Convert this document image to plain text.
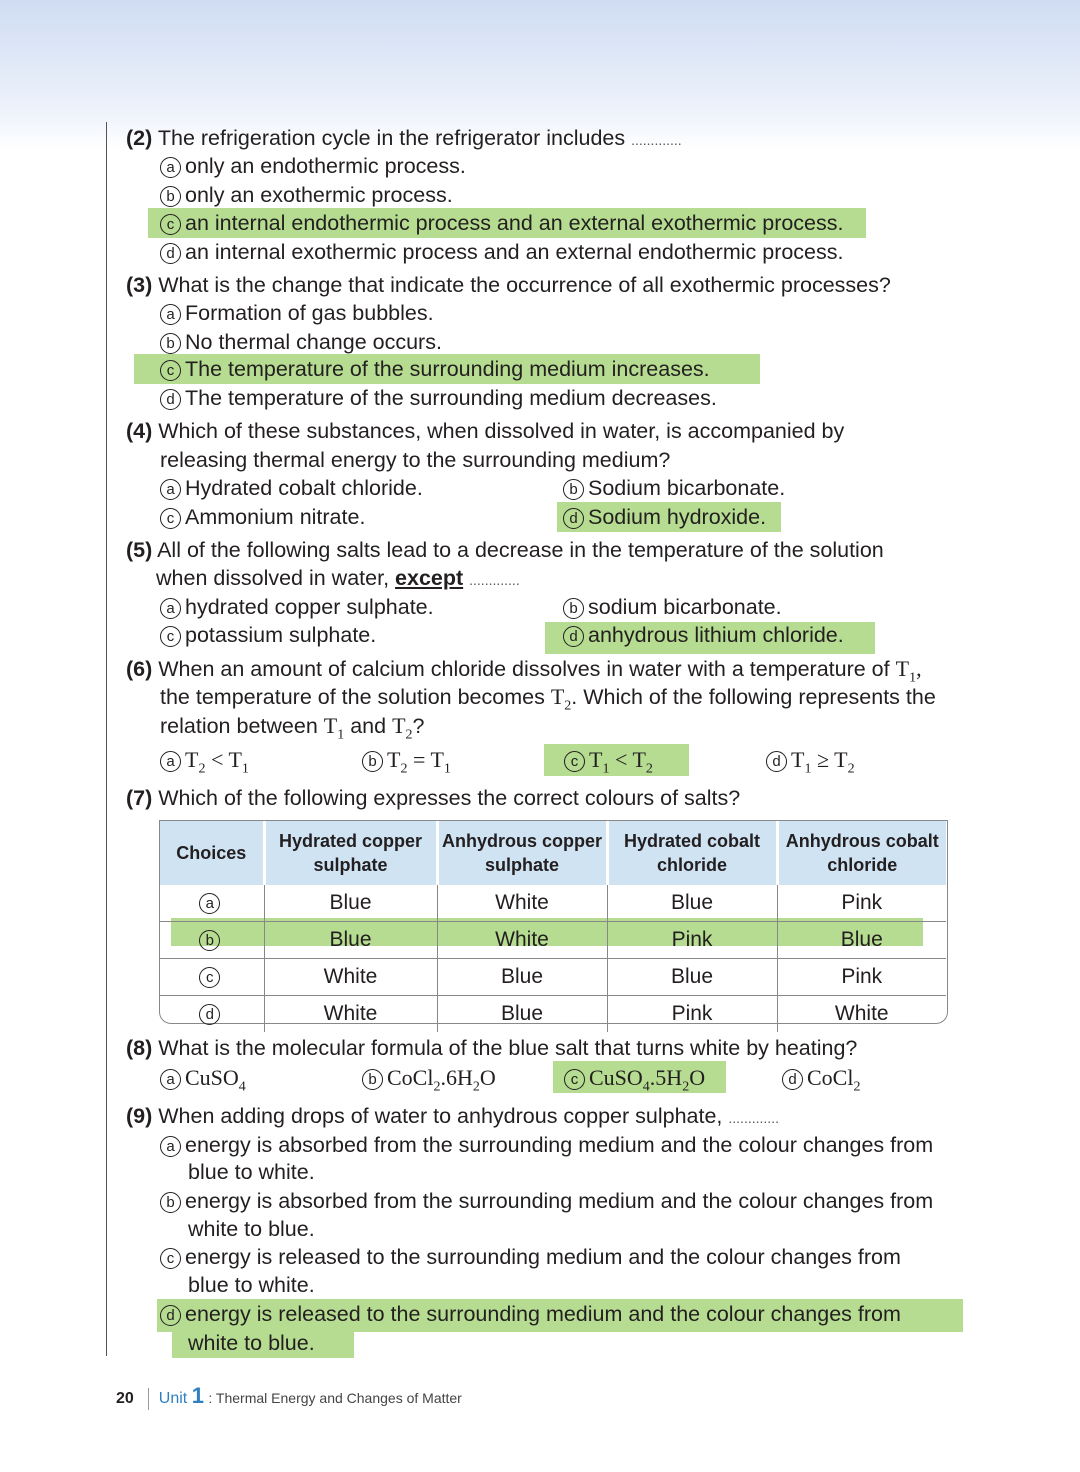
(2) The refrigeration cycle in the refrigerator includes .............
a only an endothermic process.
b only an exothermic process.
c an internal endothermic process and an external exothermic process.
d an internal exothermic process and an external endothermic process.
(3) What is the change that indicate the occurrence of all exothermic processes?
a Formation of gas bubbles.
b No thermal change occurs.
c The temperature of the surrounding medium increases.
d The temperature of the surrounding medium decreases.
(4) Which of these substances, when dissolved in water, is accompanied by
releasing thermal energy to the surrounding medium?
a Hydrated cobalt chloride.	b Sodium bicarbonate.
c Ammonium nitrate.	d Sodium hydroxide.
(5) All of the following salts lead to a decrease in the temperature of the solution
when dissolved in water, except .............
a hydrated copper sulphate.	b sodium bicarbonate.
c potassium sulphate.	d anhydrous lithium chloride.
(6) When an amount of calcium chloride dissolves in water with a temperature of $T_1$,
the temperature of the solution becomes $T_2$. Which of the following represents the
relation between $T_1$ and $T_2$?
a $T_2 < T_1$	b $T_2 = T_1$	c $T_1 < T_2$	d $T_1 \ge T_2$
(7) Which of the following expresses the correct colours of salts?
Choices	Hydrated copper sulphate	Anhydrous copper sulphate	Hydrated cobalt chloride	Anhydrous cobalt chloride
a	Blue	White	Blue	Pink
b	Blue	White	Pink	Blue
c	White	Blue	Blue	Pink
d	White	Blue	Pink	White
(8) What is the molecular formula of the blue salt that turns white by heating?
a CuSO$_4$	b $CoCl_2.6H_2O$	c $CuSO_4.5H_2O$	d CoCl$_2$
(9) When adding drops of water to anhydrous copper sulphate, .............
a energy is absorbed from the surrounding medium and the colour changes from
blue to white.
b energy is absorbed from the surrounding medium and the colour changes from
white to blue.
c energy is released to the surrounding medium and the colour changes from
blue to white.
d energy is released to the surrounding medium and the colour changes from
white to blue.
20 Unit 1 : Thermal Energy and Changes of Matter
